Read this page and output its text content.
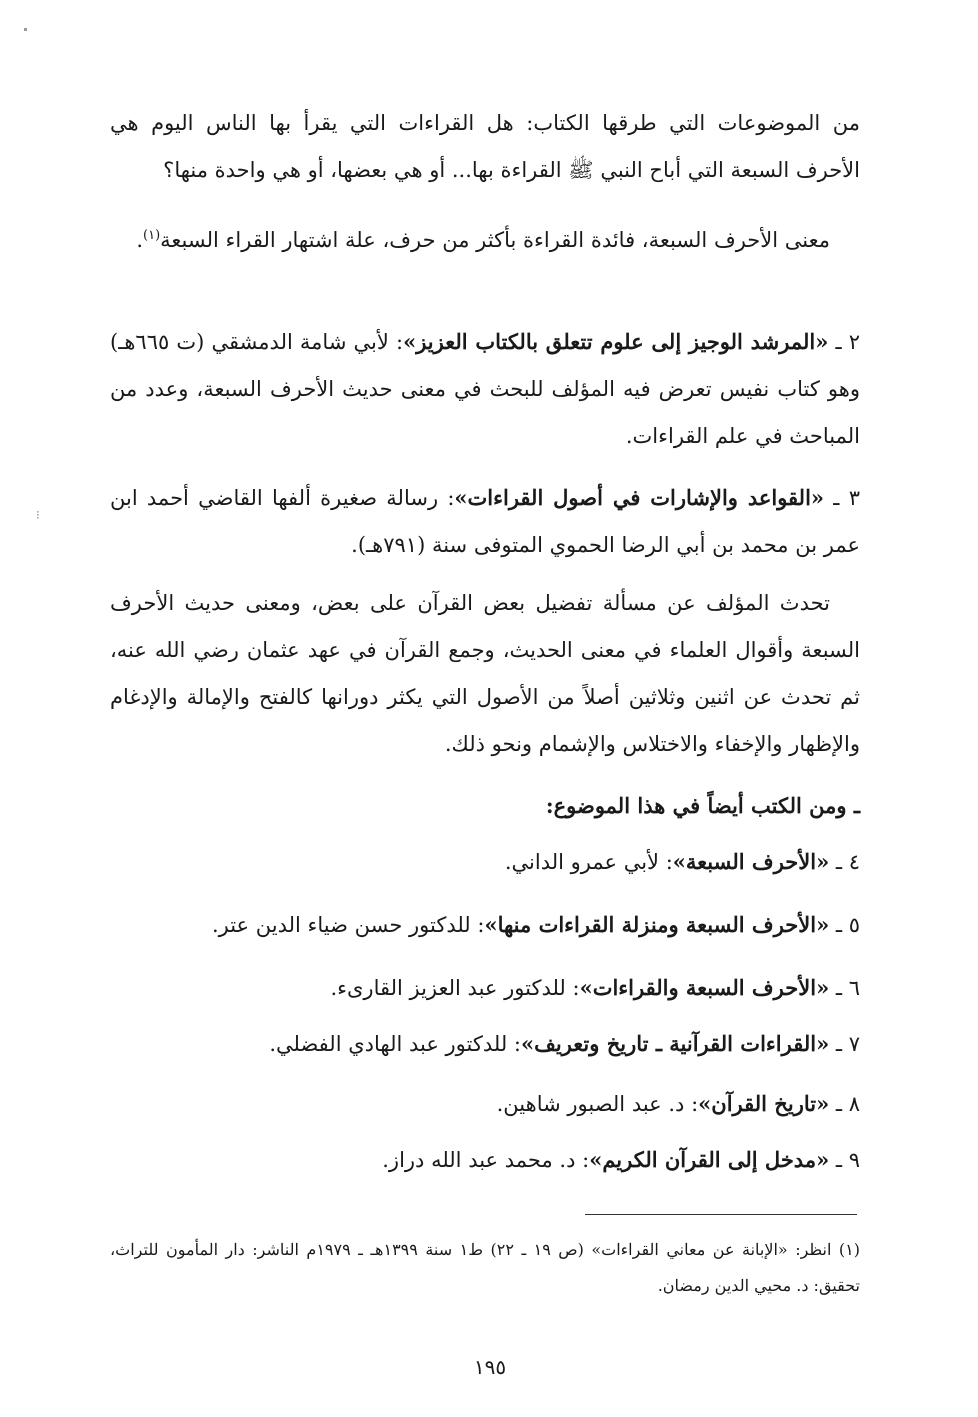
⁝

من الموضوعات التي طرقها الكتاب: هل القراءات التي يقرأ بها الناس اليوم هي الأحرف السبعة التي أباح النبي ﷺ القراءة بها... أو هي بعضها، أو هي واحدة منها؟

معنى الأحرف السبعة، فائدة القراءة بأكثر من حرف، علة اشتهار القراء السبعة$^{(١)}$.

٢ ـ «المرشد الوجيز إلى علوم تتعلق بالكتاب العزيز»: لأبي شامة الدمشقي (ت ٦٦٥هـ) وهو كتاب نفيس تعرض فيه المؤلف للبحث في معنى حديث الأحرف السبعة، وعدد من المباحث في علم القراءات.

٣ ـ «القواعد والإشارات في أصول القراءات»: رسالة صغيرة ألفها القاضي أحمد ابن عمر بن محمد بن أبي الرضا الحموي المتوفى سنة (٧٩١هـ).

تحدث المؤلف عن مسألة تفضيل بعض القرآن على بعض، ومعنى حديث الأحرف السبعة وأقوال العلماء في معنى الحديث، وجمع القرآن في عهد عثمان رضي الله عنه، ثم تحدث عن اثنين وثلاثين أصلاً من الأصول التي يكثر دورانها كالفتح والإمالة والإدغام والإظهار والإخفاء والاختلاس والإشمام ونحو ذلك.

ـ ومن الكتب أيضاً في هذا الموضوع:

٤ ـ «الأحرف السبعة»: لأبي عمرو الداني.
٥ ـ «الأحرف السبعة ومنزلة القراءات منها»: للدكتور حسن ضياء الدين عتر.
٦ ـ «الأحرف السبعة والقراءات»: للدكتور عبد العزيز القارىء.
٧ ـ «القراءات القرآنية ـ تاريخ وتعريف»: للدكتور عبد الهادي الفضلي.
٨ ـ «تاريخ القرآن»: د. عبد الصبور شاهين.
٩ ـ «مدخل إلى القرآن الكريم»: د. محمد عبد الله دراز.

(١) انظر: «الإبانة عن معاني القراءات» (ص ١٩ ـ ٢٢) ط١ سنة ١٣٩٩هـ ـ ١٩٧٩م الناشر: دار المأمون للتراث، تحقيق: د. محيي الدين رمضان.

١٩٥
